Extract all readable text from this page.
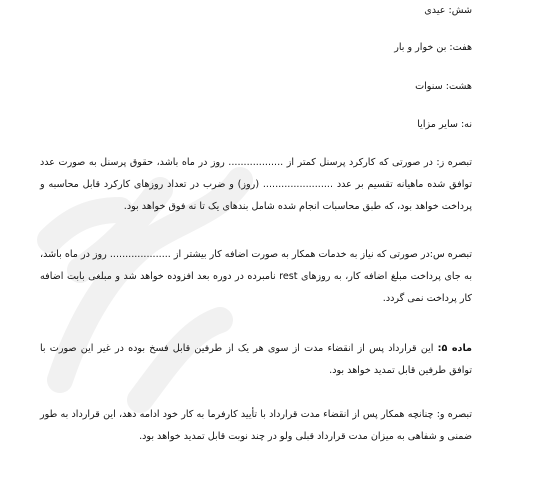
شش: عیدی
هفت: بن خوار و بار
هشت: سنوات
نه: سایر مزایا
تبصره ز: در صورتی که کارکرد پرسنل کمتر از .................. روز در ماه باشد، حقوق پرسنل به صورت عدد توافق شده ماهیانه تقسیم بر عدد ....................... (روز) و ضرب در تعداد روزهای کارکرد قابل محاسبه و پرداخت خواهد بود، که طبق محاسبات انجام شده شامل بندهای یک تا نه فوق خواهد بود.
تبصره س:در صورتی که نیاز به خدمات همکار به صورت اضافه کار بیشتر از .................... روز در ماه باشد، به جای پرداخت مبلغ اضافه کار، به روزهای rest نامبرده در دوره بعد افزوده خواهد شد و مبلغی بابت اضافه کار پرداخت نمی گردد.
ماده ۵: این قرارداد پس از انقضاء مدت از سوی هر یک از طرفین قابل فسخ بوده در غیر این صورت با توافق طرفین قابل تمدید خواهد بود.
تبصره و: چنانچه همکار پس از انقضاء مدت قرارداد با تأیید کارفرما به کار خود ادامه دهد، این قرارداد به طور ضمنی و شفاهی به میزان مدت قرارداد قبلی ولو در چند نوبت قابل تمدید خواهد بود.
